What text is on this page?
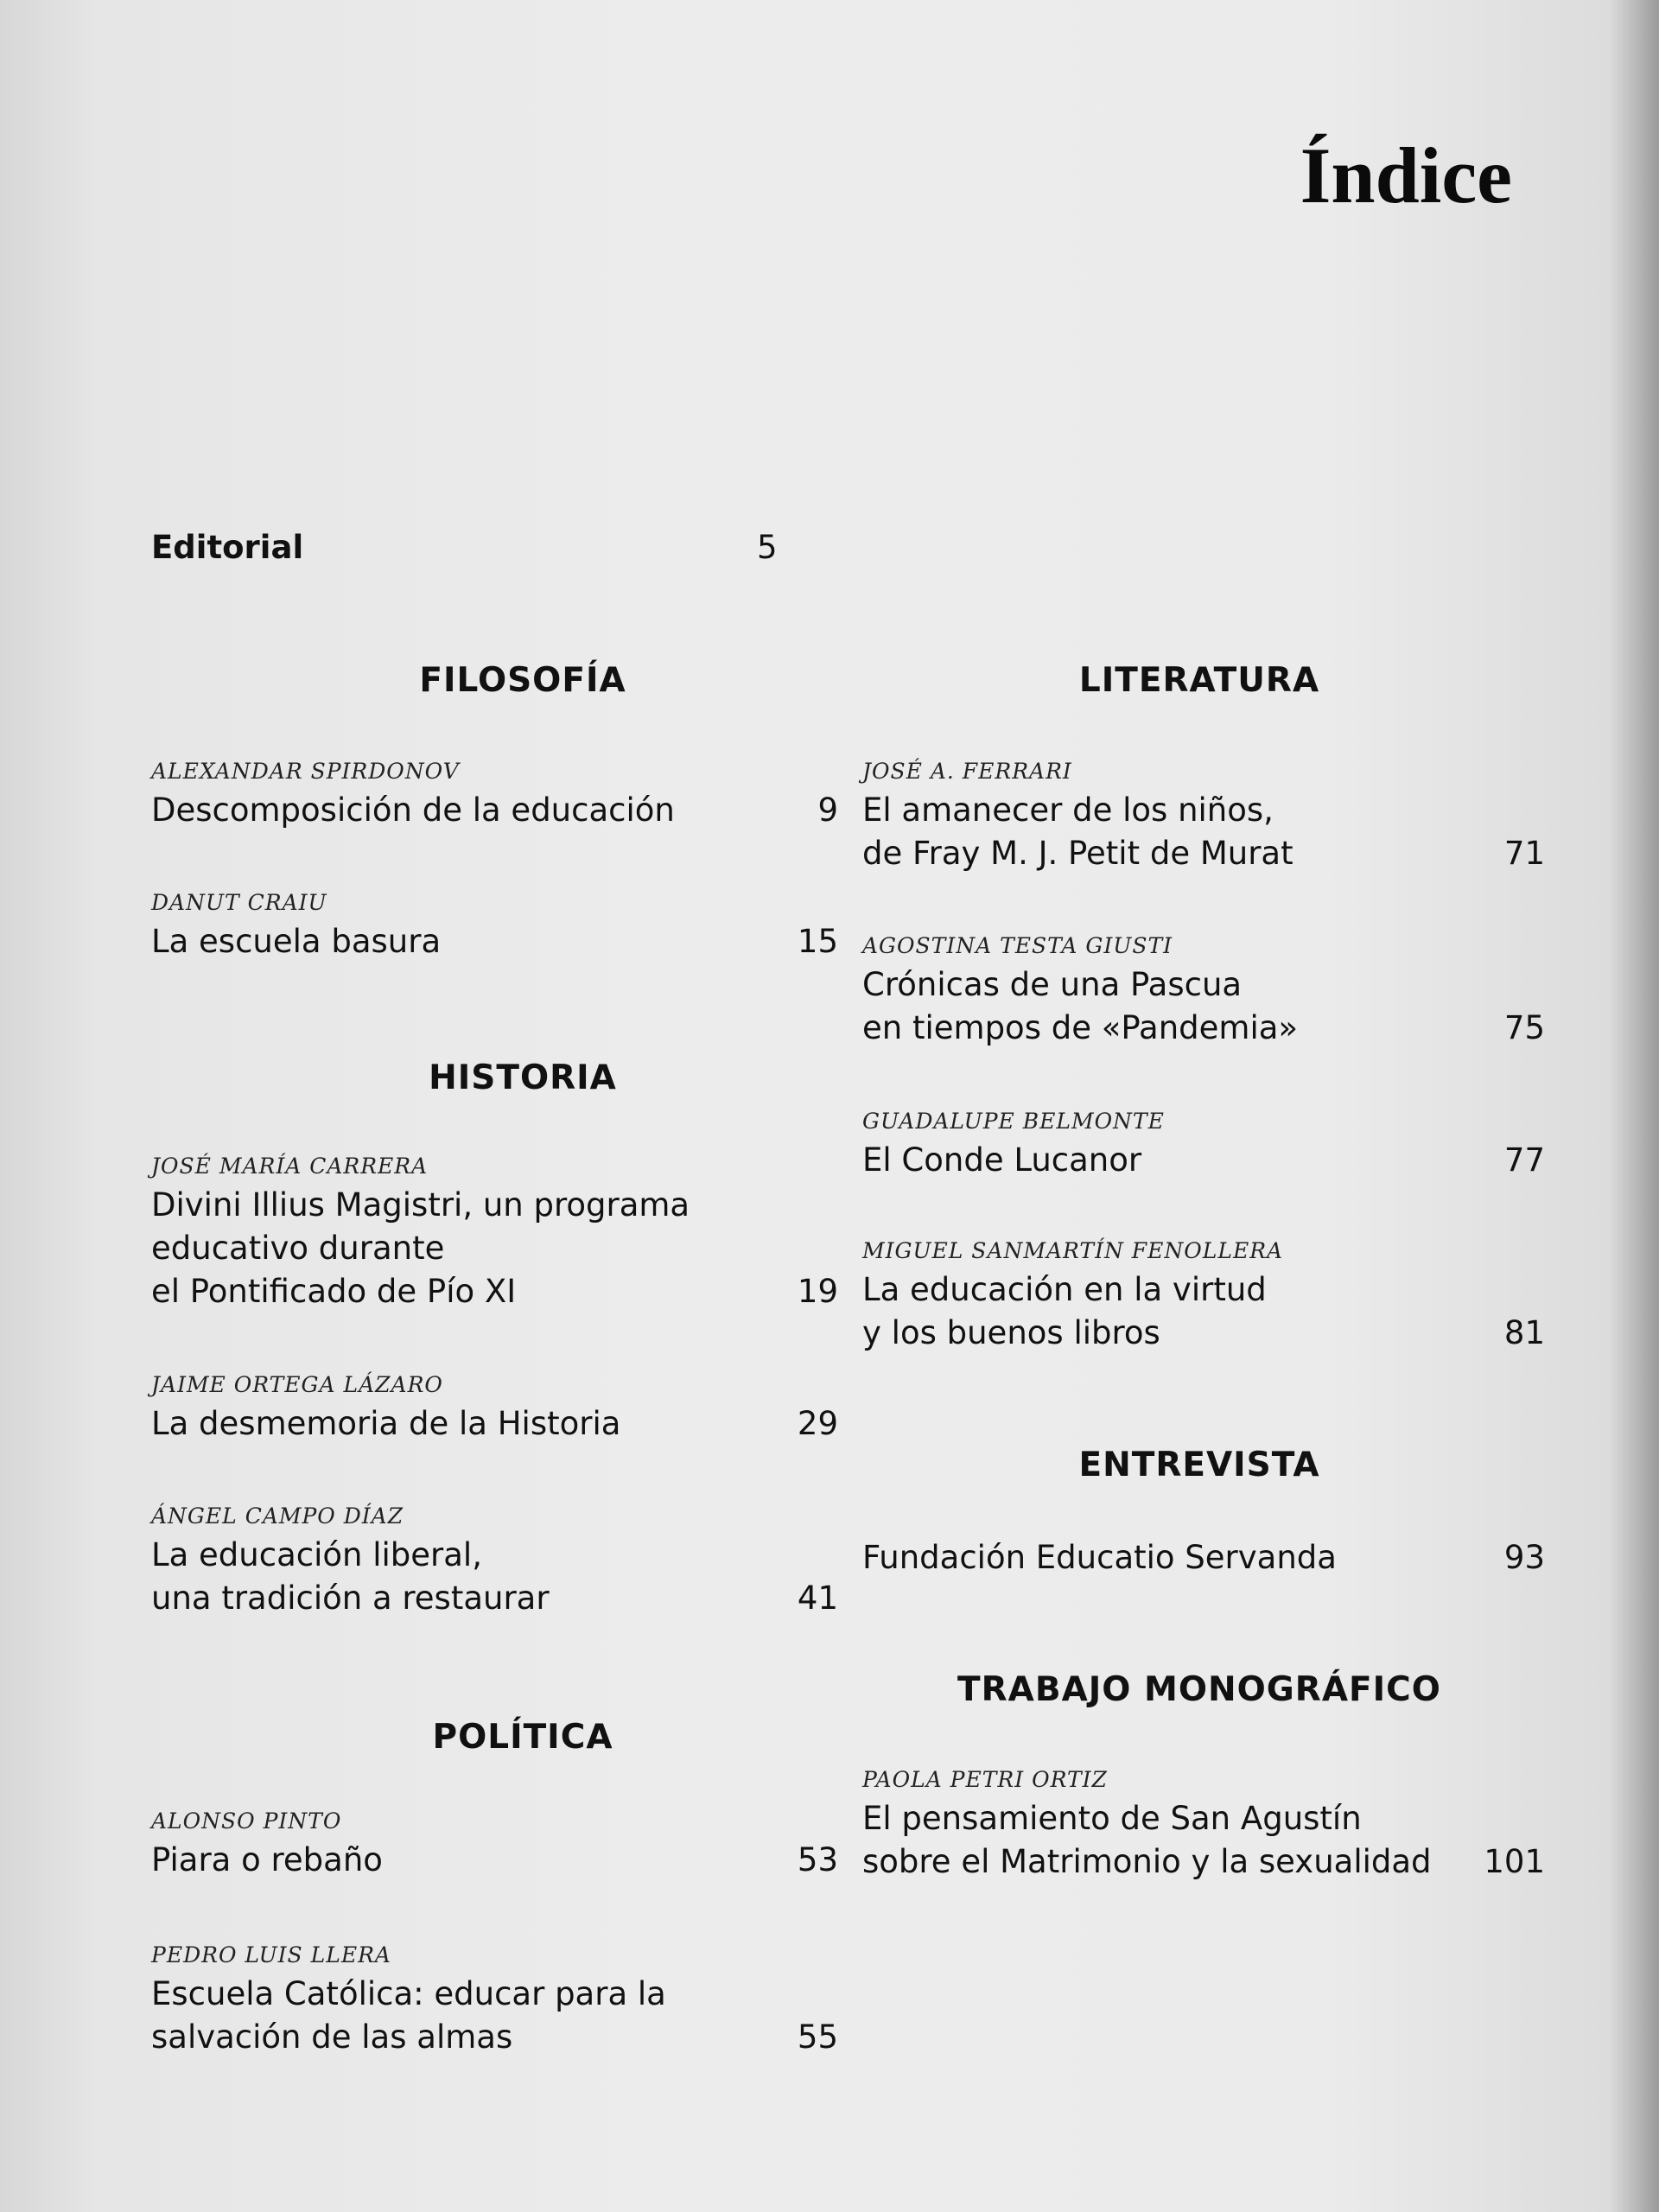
Índice
Editorial	5
FILOSOFÍA
ALEXANDAR SPIRDONOV
Descomposición de la educación	9
DANUT CRAIU
La escuela basura	15
HISTORIA
JOSÉ MARÍA CARRERA
Divini Illius Magistri, un programa
educativo durante
el Pontificado de Pío XI	19
JAIME ORTEGA LÁZARO
La desmemoria de la Historia	29
ÁNGEL CAMPO DÍAZ
La educación liberal,
una tradición a restaurar	41
POLÍTICA
ALONSO PINTO
Piara o rebaño	53
PEDRO LUIS LLERA
Escuela Católica: educar para la
salvación de las almas	55
LITERATURA
JOSÉ A. FERRARI
El amanecer de los niños,
de Fray M. J. Petit de Murat	71
AGOSTINA TESTA GIUSTI
Crónicas de una Pascua
en tiempos de «Pandemia»	75
GUADALUPE BELMONTE
El Conde Lucanor	77
MIGUEL SANMARTÍN FENOLLERA
La educación en la virtud
y los buenos libros	81
ENTREVISTA
Fundación Educatio Servanda	93
TRABAJO MONOGRÁFICO
PAOLA PETRI ORTIZ
El pensamiento de San Agustín
sobre el Matrimonio y la sexualidad	101
